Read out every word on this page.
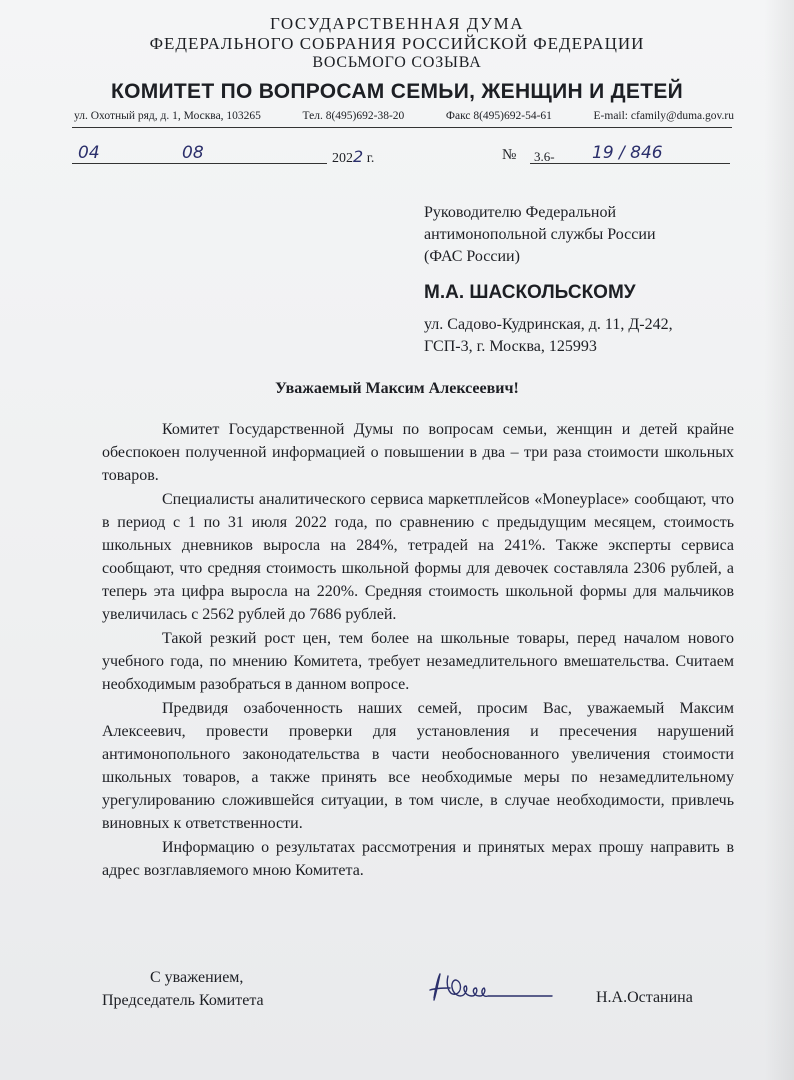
ГОСУДАРСТВЕННАЯ ДУМА
ФЕДЕРАЛЬНОГО СОБРАНИЯ РОССИЙСКОЙ ФЕДЕРАЦИИ
ВОСЬМОГО СОЗЫВА
КОМИТЕТ ПО ВОПРОСАМ СЕМЬИ, ЖЕНЩИН И ДЕТЕЙ
ул. Охотный ряд, д. 1, Москва, 103265	Тел. 8(495)692-38-20	Факс 8(495)692-54-61	E-mail: cfamily@duma.gov.ru
04	08	2022 г.	№ 3.6- 19 / 846
Руководителю Федеральной
антимонопольной службы России
(ФАС России)
М.А. ШАСКОЛЬСКОМУ
ул. Садово-Кудринская, д. 11, Д-242,
ГСП-3, г. Москва, 125993
Уважаемый Максим Алексеевич!

Комитет Государственной Думы по вопросам семьи, женщин и детей крайне обеспокоен полученной информацией о повышении в два – три раза стоимости школьных товаров.

Специалисты аналитического сервиса маркетплейсов «Moneyplace» сообщают, что в период с 1 по 31 июля 2022 года, по сравнению с предыдущим месяцем, стоимость школьных дневников выросла на 284%, тетрадей на 241%. Также эксперты сервиса сообщают, что средняя стоимость школьной формы для девочек составляла 2306 рублей, а теперь эта цифра выросла на 220%. Средняя стоимость школьной формы для мальчиков увеличилась с 2562 рублей до 7686 рублей.

Такой резкий рост цен, тем более на школьные товары, перед началом нового учебного года, по мнению Комитета, требует незамедлительного вмешательства. Считаем необходимым разобраться в данном вопросе.

Предвидя озабоченность наших семей, просим Вас, уважаемый Максим Алексеевич, провести проверки для установления и пресечения нарушений антимонопольного законодательства в части необоснованного увеличения стоимости школьных товаров, а также принять все необходимые меры по незамедлительному урегулированию сложившейся ситуации, в том числе, в случае необходимости, привлечь виновных к ответственности.

Информацию о результатах рассмотрения и принятых мерах прошу направить в адрес возглавляемого мною Комитета.

С уважением,
Председатель Комитета	Н.А.Останина
